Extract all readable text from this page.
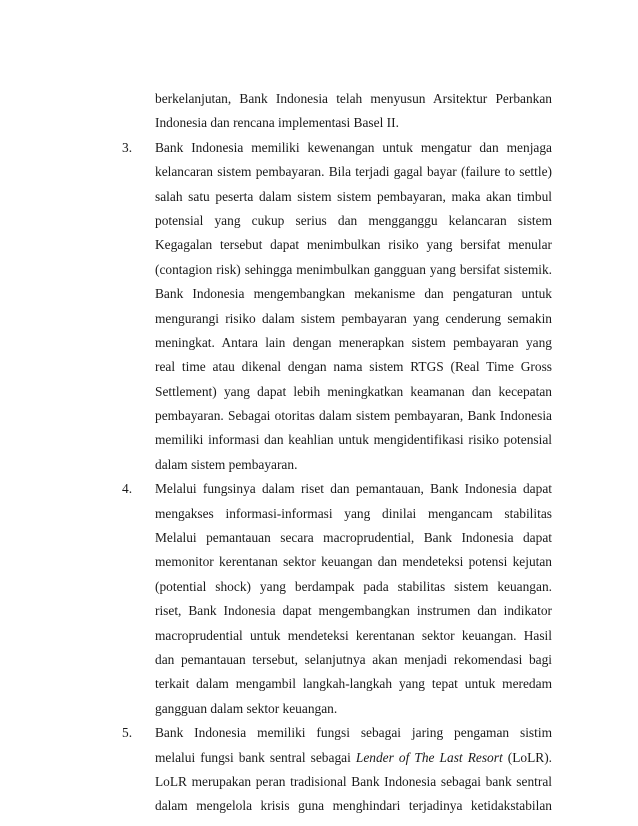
berkelanjutan, Bank Indonesia telah menyusun Arsitektur Perbankan
Indonesia dan rencana implementasi Basel II.
3. Bank Indonesia memiliki kewenangan untuk mengatur dan menjaga
kelancaran sistem pembayaran. Bila terjadi gagal bayar (failure to settle)
salah satu peserta dalam sistem sistem pembayaran, maka akan timbul
potensial yang cukup serius dan mengganggu kelancaran sistem
Kegagalan tersebut dapat menimbulkan risiko yang bersifat menular
(contagion risk) sehingga menimbulkan gangguan yang bersifat sistemik.
Bank Indonesia mengembangkan mekanisme dan pengaturan untuk
mengurangi risiko dalam sistem pembayaran yang cenderung semakin
meningkat. Antara lain dengan menerapkan sistem pembayaran yang
real time atau dikenal dengan nama sistem RTGS (Real Time Gross
Settlement) yang dapat lebih meningkatkan keamanan dan kecepatan
pembayaran. Sebagai otoritas dalam sistem pembayaran, Bank Indonesia
memiliki informasi dan keahlian untuk mengidentifikasi risiko potensial
dalam sistem pembayaran.
4. Melalui fungsinya dalam riset dan pemantauan, Bank Indonesia dapat
mengakses informasi-informasi yang dinilai mengancam stabilitas
Melalui pemantauan secara macroprudential, Bank Indonesia dapat
memonitor kerentanan sektor keuangan dan mendeteksi potensi kejutan
(potential shock) yang berdampak pada stabilitas sistem keuangan.
riset, Bank Indonesia dapat mengembangkan instrumen dan indikator
macroprudential untuk mendeteksi kerentanan sektor keuangan. Hasil
dan pemantauan tersebut, selanjutnya akan menjadi rekomendasi bagi
terkait dalam mengambil langkah-langkah yang tepat untuk meredam
gangguan dalam sektor keuangan.
5. Bank Indonesia memiliki fungsi sebagai jaring pengaman sistim
melalui fungsi bank sentral sebagai Lender of The Last Resort (LoLR).
LoLR merupakan peran tradisional Bank Indonesia sebagai bank sentral
dalam mengelola krisis guna menghindari terjadinya ketidakstabilan
